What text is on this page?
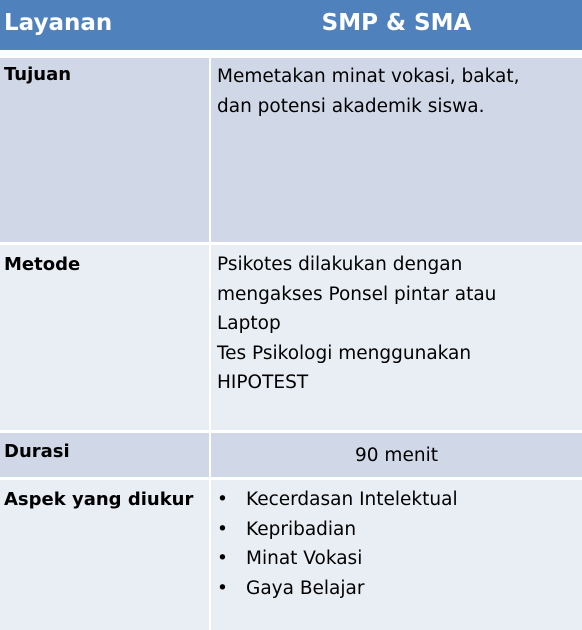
Layanan	SMP & SMA
Tujuan	Memetakan minat vokasi, bakat,
dan potensi akademik siswa.
Metode	Psikotes dilakukan dengan
mengakses Ponsel pintar atau
Laptop
Tes Psikologi menggunakan
HIPOTEST
Durasi	90 menit
Aspek yang diukur	• Kecerdasan Intelektual
• Kepribadian
• Minat Vokasi
• Gaya Belajar
